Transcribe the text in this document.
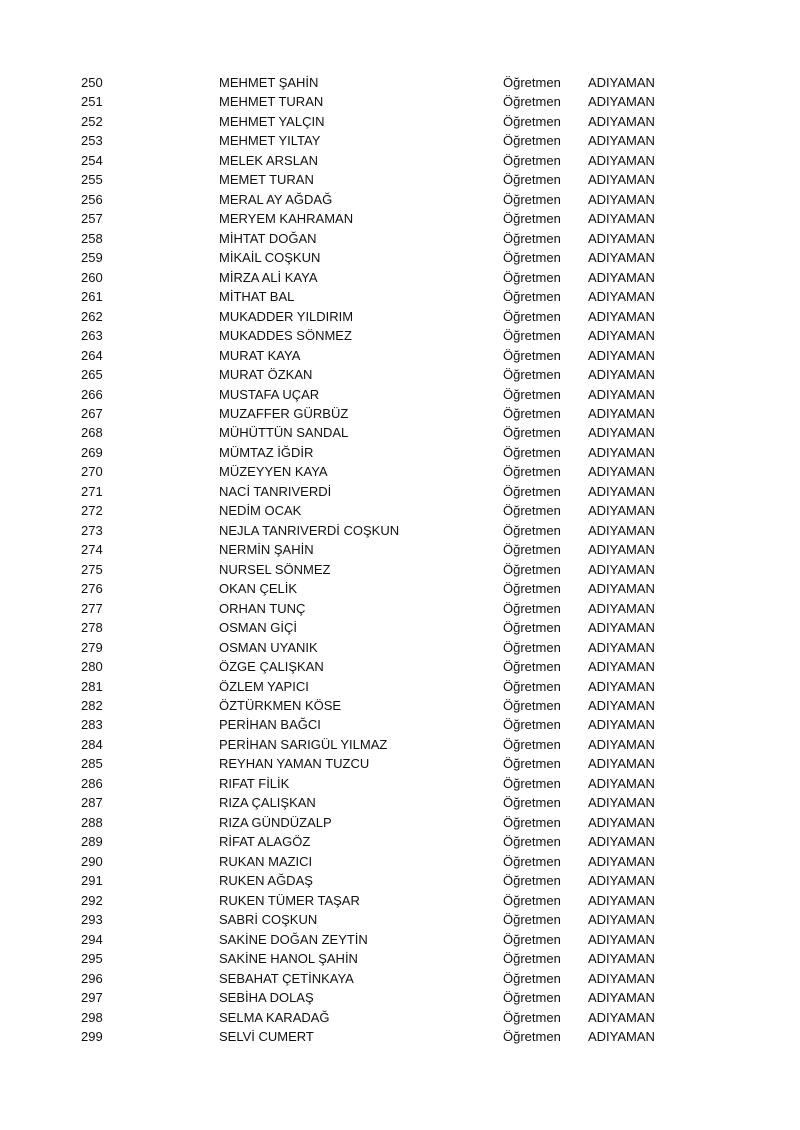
250	MEHMET ŞAHİN	Öğretmen ADIYAMAN
251	MEHMET TURAN	Öğretmen ADIYAMAN
252	MEHMET YALÇIN	Öğretmen ADIYAMAN
253	MEHMET YILTAY	Öğretmen ADIYAMAN
254	MELEK ARSLAN	Öğretmen ADIYAMAN
255	MEMET TURAN	Öğretmen ADIYAMAN
256	MERAL AY AĞDAĞ	Öğretmen ADIYAMAN
257	MERYEM KAHRAMAN	Öğretmen ADIYAMAN
258	MİHTAT DOĞAN	Öğretmen ADIYAMAN
259	MİKAİL COŞKUN	Öğretmen ADIYAMAN
260	MİRZA ALİ KAYA	Öğretmen ADIYAMAN
261	MİTHAT BAL	Öğretmen ADIYAMAN
262	MUKADDER YILDIRIM	Öğretmen ADIYAMAN
263	MUKADDES SÖNMEZ	Öğretmen ADIYAMAN
264	MURAT KAYA	Öğretmen ADIYAMAN
265	MURAT ÖZKAN	Öğretmen ADIYAMAN
266	MUSTAFA UÇAR	Öğretmen ADIYAMAN
267	MUZAFFER GÜRBÜZ	Öğretmen ADIYAMAN
268	MÜHÜTTÜN SANDAL	Öğretmen ADIYAMAN
269	MÜMTAZ İĞDİR	Öğretmen ADIYAMAN
270	MÜZEYYEN KAYA	Öğretmen ADIYAMAN
271	NACİ TANRIVERDİ	Öğretmen ADIYAMAN
272	NEDİM OCAK	Öğretmen ADIYAMAN
273	NEJLA TANRIVERDİ COŞKUN	Öğretmen ADIYAMAN
274	NERMİN ŞAHİN	Öğretmen ADIYAMAN
275	NURSEL SÖNMEZ	Öğretmen ADIYAMAN
276	OKAN ÇELİK	Öğretmen ADIYAMAN
277	ORHAN TUNÇ	Öğretmen ADIYAMAN
278	OSMAN GİÇİ	Öğretmen ADIYAMAN
279	OSMAN UYANIK	Öğretmen ADIYAMAN
280	ÖZGE ÇALIŞKAN	Öğretmen ADIYAMAN
281	ÖZLEM YAPICI	Öğretmen ADIYAMAN
282	ÖZTÜRKMEN KÖSE	Öğretmen ADIYAMAN
283	PERİHAN BAĞCI	Öğretmen ADIYAMAN
284	PERİHAN SARIGÜL YILMAZ	Öğretmen ADIYAMAN
285	REYHAN YAMAN TUZCU	Öğretmen ADIYAMAN
286	RIFAT FİLİK	Öğretmen ADIYAMAN
287	RIZA ÇALIŞKAN	Öğretmen ADIYAMAN
288	RIZA GÜNDÜZALP	Öğretmen ADIYAMAN
289	RİFAT ALAGÖZ	Öğretmen ADIYAMAN
290	RUKAN MAZICI	Öğretmen ADIYAMAN
291	RUKEN AĞDAŞ	Öğretmen ADIYAMAN
292	RUKEN TÜMER TAŞAR	Öğretmen ADIYAMAN
293	SABRİ COŞKUN	Öğretmen ADIYAMAN
294	SAKİNE DOĞAN ZEYTİN	Öğretmen ADIYAMAN
295	SAKİNE HANOL ŞAHİN	Öğretmen ADIYAMAN
296	SEBAHAT ÇETİNKAYA	Öğretmen ADIYAMAN
297	SEBİHA DOLAŞ	Öğretmen ADIYAMAN
298	SELMA KARADAĞ	Öğretmen ADIYAMAN
299	SELVİ CUMERT	Öğretmen ADIYAMAN
